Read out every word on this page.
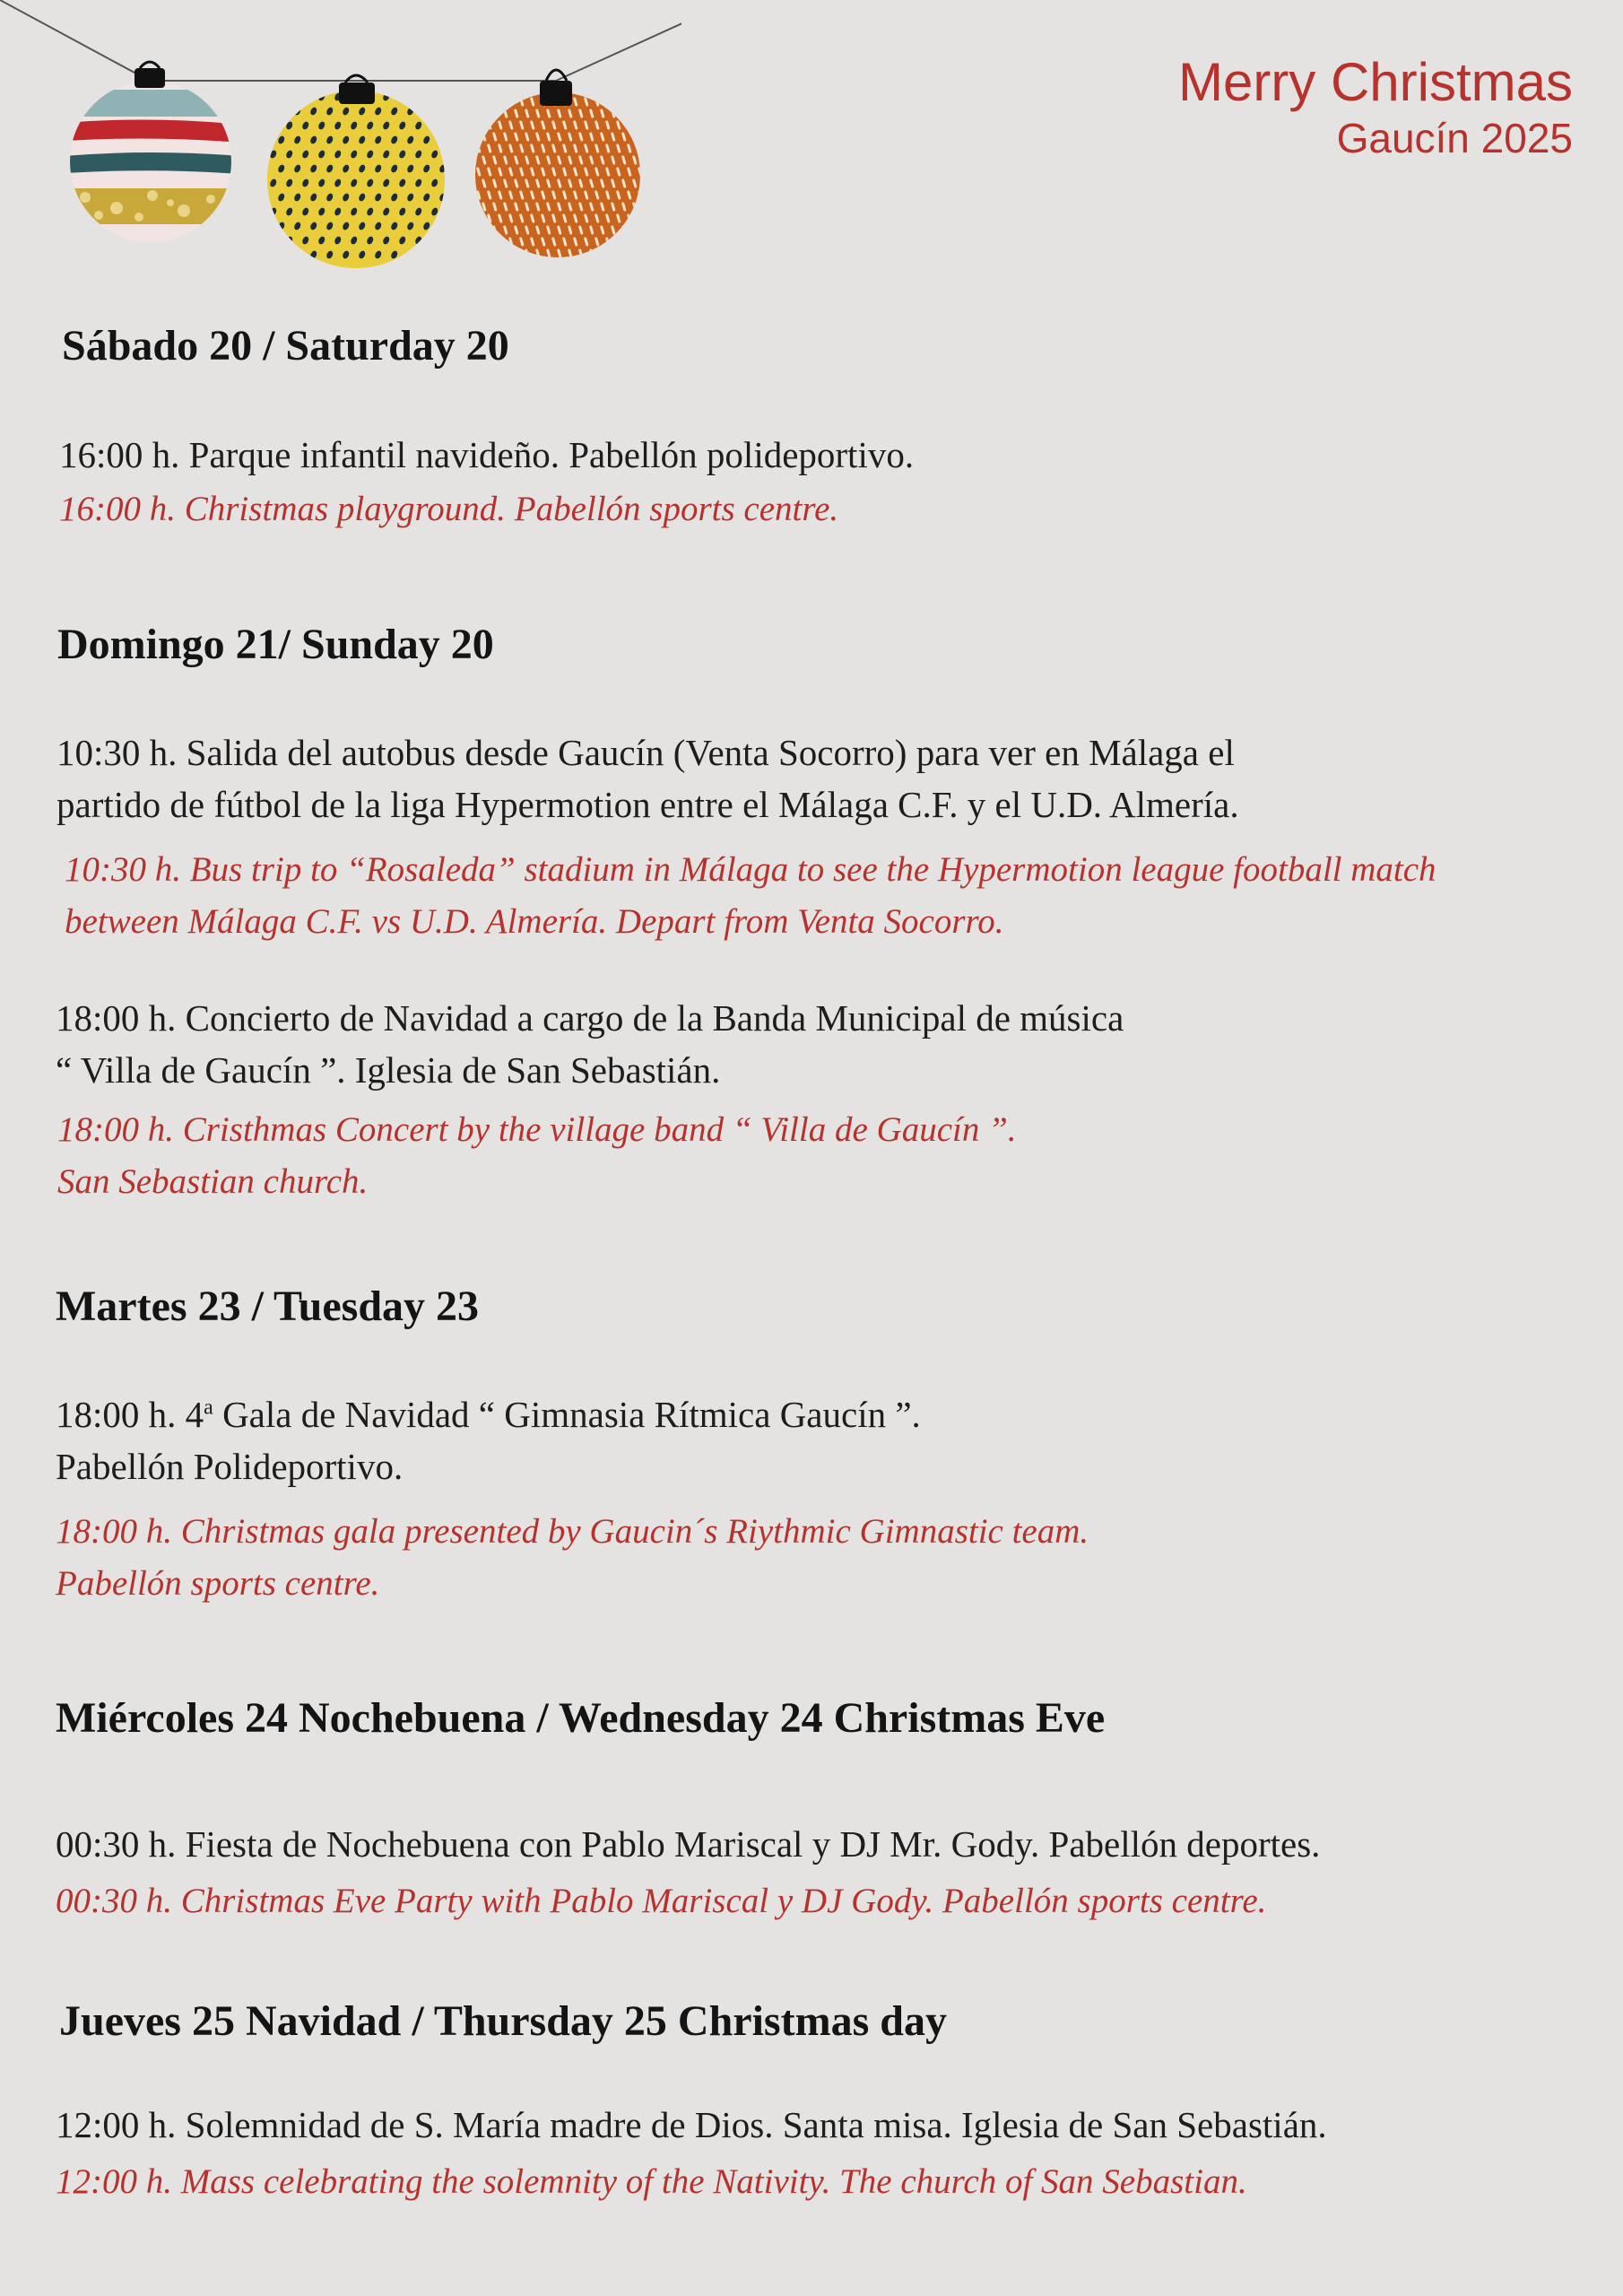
Merry Christmas
Gaucín 2025
Sábado 20 / Saturday 20
16:00 h. Parque infantil navideño. Pabellón polideportivo.
16:00 h. Christmas playground. Pabellón sports centre.
Domingo 21/ Sunday 20
10:30 h. Salida del autobus desde Gaucín (Venta Socorro) para ver en Málaga el
partido de fútbol de la liga Hypermotion entre el Málaga C.F. y el U.D. Almería.
10:30 h. Bus trip to “Rosaleda” stadium in Málaga to see the Hypermotion league football match
between Málaga C.F. vs U.D. Almería. Depart from Venta Socorro.
18:00 h. Concierto de Navidad a cargo de la Banda Municipal de música
“ Villa de Gaucín ”. Iglesia de San Sebastián.
18:00 h. Cristhmas Concert by the village band “ Villa de Gaucín ”.
San Sebastian church.
Martes 23 / Tuesday 23
18:00 h. 4$^a$ Gala de Navidad “ Gimnasia Rítmica Gaucín ”.
Pabellón Polideportivo.
18:00 h. Christmas gala presented by Gaucin´s Riythmic Gimnastic team.
Pabellón sports centre.
Miércoles 24 Nochebuena / Wednesday 24 Christmas Eve
00:30 h. Fiesta de Nochebuena con Pablo Mariscal y DJ Mr. Gody. Pabellón deportes.
00:30 h. Christmas Eve Party with Pablo Mariscal y DJ Gody. Pabellón sports centre.
Jueves 25 Navidad / Thursday 25 Christmas day
12:00 h. Solemnidad de S. María madre de Dios. Santa misa. Iglesia de San Sebastián.
12:00 h. Mass celebrating the solemnity of the Nativity. The church of San Sebastian.
